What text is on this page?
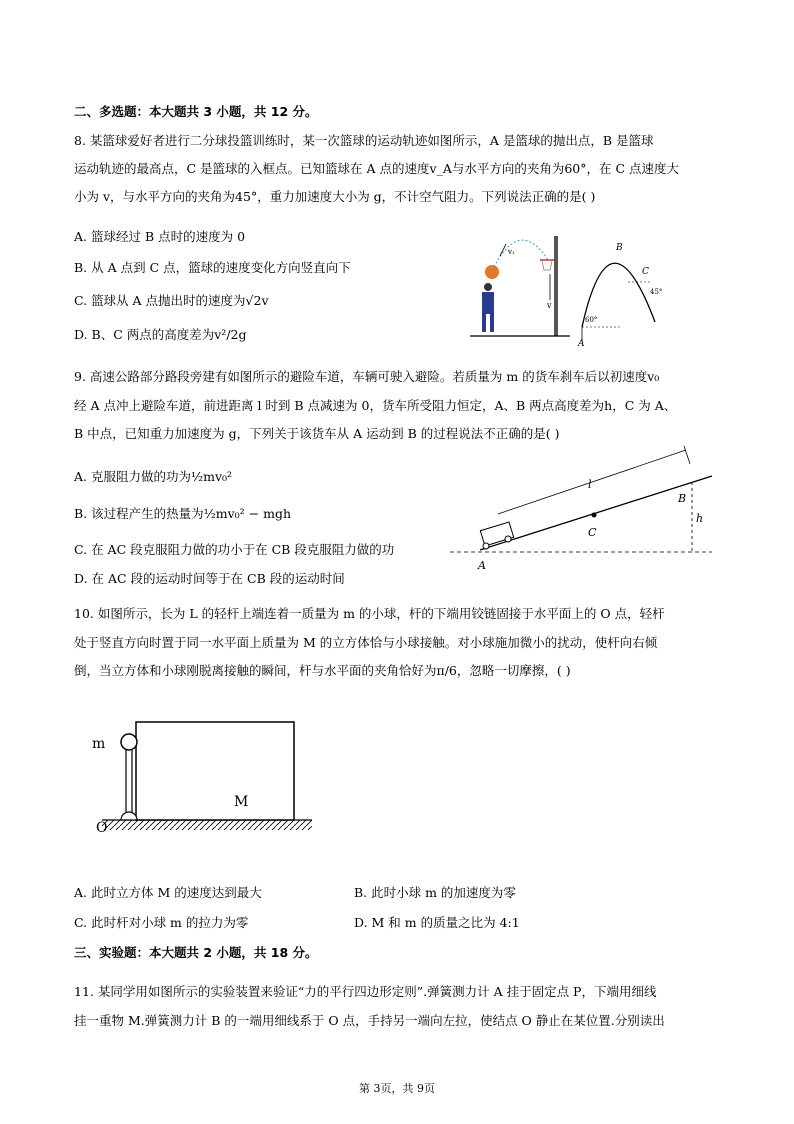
二、多选题：本大题共 3 小题，共 12 分。
8. 某篮球爱好者进行二分球投篮训练时，某一次篮球的运动轨迹如图所示，A 是篮球的抛出点，B 是篮球
运动轨迹的最高点，C 是篮球的入框点。已知篮球在 A 点的速度v_A与水平方向的夹角为60°，在 C 点速度大
小为 v，与水平方向的夹角为45°，重力加速度大小为 g，不计空气阻力。下列说法正确的是( )
A. 篮球经过 B 点时的速度为 0
B. 从 A 点到 C 点，篮球的速度变化方向竖直向下
C. 篮球从 A 点抛出时的速度为√2v
D. B、C 两点的高度差为v²/2g
v₁
v
B
C
A
60°
45°
9. 高速公路部分路段旁建有如图所示的避险车道，车辆可驶入避险。若质量为 m 的货车刹车后以初速度v₀
经 A 点冲上避险车道，前进距离 l 时到 B 点减速为 0，货车所受阻力恒定，A、B 两点高度差为h，C 为 A、
B 中点，已知重力加速度为 g，下列关于该货车从 A 运动到 B 的过程说法不正确的是( )
A. 克服阻力做的功为½mv₀²
B. 该过程产生的热量为½mv₀² − mgh
C. 在 AC 段克服阻力做的功小于在 CB 段克服阻力做的功
D. 在 AC 段的运动时间等于在 CB 段的运动时间
l
C
B
h
A
10. 如图所示，长为 L 的轻杆上端连着一质量为 m 的小球，杆的下端用铰链固接于水平面上的 O 点，轻杆
处于竖直方向时置于同一水平面上质量为 M 的立方体恰与小球接触。对小球施加微小的扰动，使杆向右倾
倒，当立方体和小球刚脱离接触的瞬间，杆与水平面的夹角恰好为π/6，忽略一切摩擦，( )
m
M
O
A. 此时立方体 M 的速度达到最大	B. 此时小球 m 的加速度为零
C. 此时杆对小球 m 的拉力为零	D. M 和 m 的质量之比为 4:1
三、实验题：本大题共 2 小题，共 18 分。
11. 某同学用如图所示的实验装置来验证“力的平行四边形定则”.弹簧测力计 A 挂于固定点 P，下端用细线
挂一重物 M.弹簧测力计 B 的一端用细线系于 O 点，手持另一端向左拉，使结点 O 静止在某位置.分别读出
第 3页，共 9页
